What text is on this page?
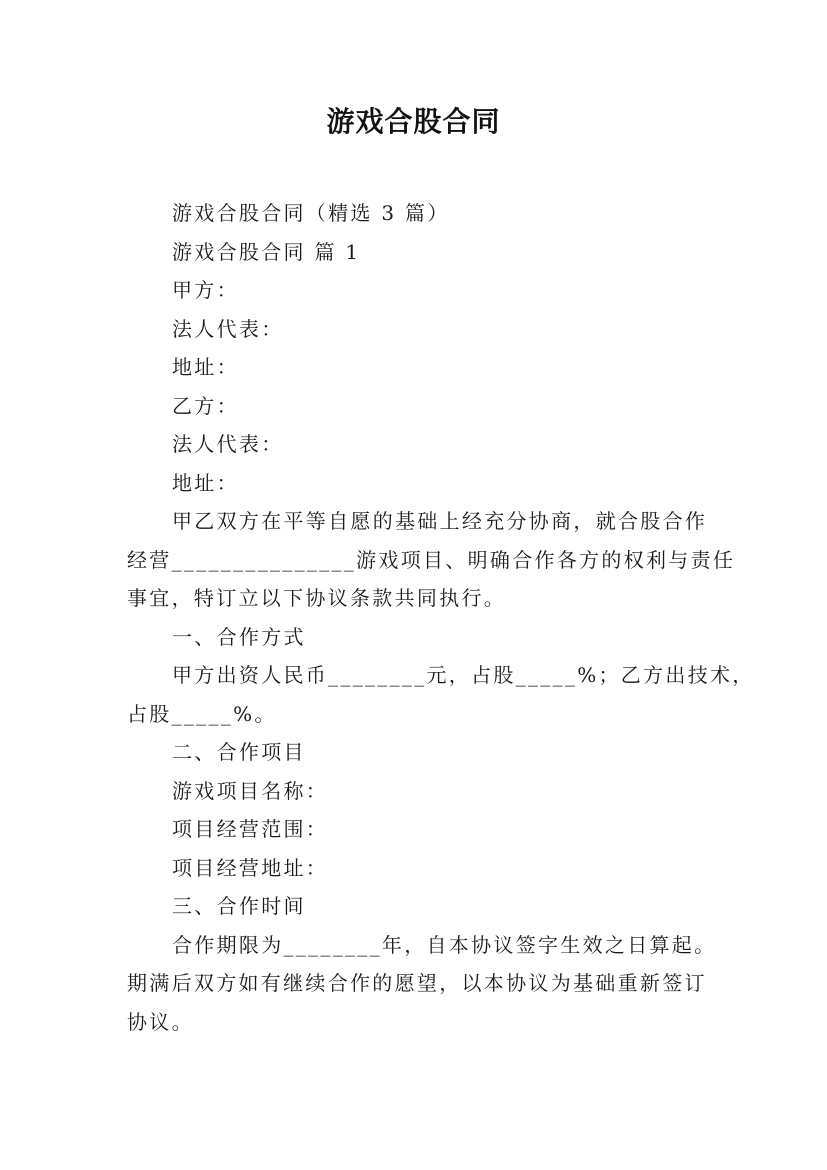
游戏合股合同
游戏合股合同（精选 3 篇）
游戏合股合同 篇 1
甲方：
法人代表：
地址：
乙方：
法人代表：
地址：
甲乙双方在平等自愿的基础上经充分协商，就合股合作
经营_______________游戏项目、明确合作各方的权利与责任
事宜，特订立以下协议条款共同执行。
一、合作方式
甲方出资人民币________元，占股_____%；乙方出技术，
占股_____%。
二、合作项目
游戏项目名称：
项目经营范围：
项目经营地址：
三、合作时间
合作期限为________年，自本协议签字生效之日算起。
期满后双方如有继续合作的愿望，以本协议为基础重新签订
协议。
